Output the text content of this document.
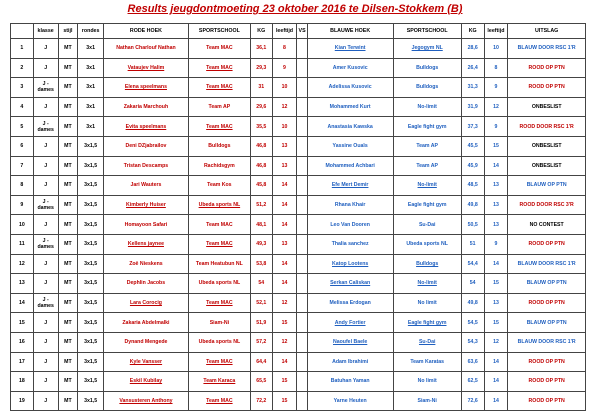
Results jeugdontmoeting 23 oktober 2016 te Dilsen-Stokkem (B)
	klasse	stijl	rondes	RODE HOEK	SPORTSCHOOL	KG	leeftijd	VS	BLAUWE HOEK	SPORTSCHOOL	KG	leeftijd	UITSLAG
1	J	MT	3x1	Nathan Charlouf Nathan	Team MAC	36,1	8		Kian Terwint	Jegogym NL	28,6	10	BLAUW DOOR RSC 1'R
2	J	MT	3x1	Vataujev Halim	Team MAC	29,3	9		Amer Kusovic	Bulldogs	26,4	8	ROOD OP PTN
3	J - dames	MT	3x1	Elena speelmans	Team MAC	31	10		Adelissa Kusovic	Bulldogs	31,3	9	ROOD OP PTN
4	J	MT	3x1	Zakaria Marchouh	Team AP	29,6	12		Mohammed Kurt	No-limit	31,9	12	ONBESLIST
5	J - dames	MT	3x1	Evita speelmans	Team MAC	35,5	10		Anastasia Kawska	Eagle fight gym	37,3	9	ROOD DOOR RSC 1'R
6	J	MT	3x1,5	Deni DZjabrailov	Bulldogs	46,8	13		Yassine Ouaïs	Team AP	45,5	15	ONBESLIST
7	J	MT	3x1,5	Tristan Descamps	Rachidsgym	46,8	13		Mohammed Achbari	Team AP	45,9	14	ONBESLIST
8	J	MT	3x1,5	Jari Wauters	Team Kos	45,8	14		Efe Mert Demir	No-limit	48,5	13	BLAUW OP PTN
9	J - dames	MT	3x1,5	Kimberly Huiser	Ubeda sports NL	51,2	14		Rhana Khair	Eagle fight gym	49,8	13	ROOD DOOR RSC 3'R
10	J	MT	3x1,5	Homayoon Safari	Team MAC	48,1	14		Leo Van Dooren	Su-Dai	50,5	13	NO CONTEST
11	J - dames	MT	3x1,5	Kellens jaynee	Team MAC	49,3	13		Thalia sanchez	Ubeda sports NL	51	9	ROOD OP PTN
12	J	MT	3x1,5	Zoë Nieskens	Team Heatubun NL	53,8	14		Katop Lootens	Bulldogs	54,4	14	BLAUW DOOR RSC 1'R
13	J	MT	3x1,5	Dephlin Jacobs	Ubeda sports NL	54	14		Serkan Caliskan	No-limit	54	15	BLAUW OP PTN
14	J - dames	MT	3x1,5	Lara Corocig	Team MAC	52,1	12		Melissa Erdogan	No limit	49,8	13	ROOD OP PTN
15	J	MT	3x1,5	Zakaria Abdelmalki	Siam-Ni	51,9	15		Andy Fortier	Eagle fight gym	54,5	15	BLAUW OP PTN
16	J	MT	3x1,5	Dynand Mengede	Ubeda sports NL	57,2	12		Naoufel Baele	Su-Dai	54,3	12	BLAUW DOOR RSC 1'R
17	J	MT	3x1,5	Kyle Vansser	Team MAC	64,4	14		Adam Ibrahimi	Team Karatas	63,6	14	ROOD OP PTN
18	J	MT	3x1,5	Eskil Kubilay	Team Karaca	65,5	15		Batuhan Yaman	No limit	62,5	14	ROOD OP PTN
19	J	MT	3x1,5	Vansusteren Anthony	Team MAC	72,2	15		Yarne Heuten	Siam-Ni	72,6	14	ROOD OP PTN
